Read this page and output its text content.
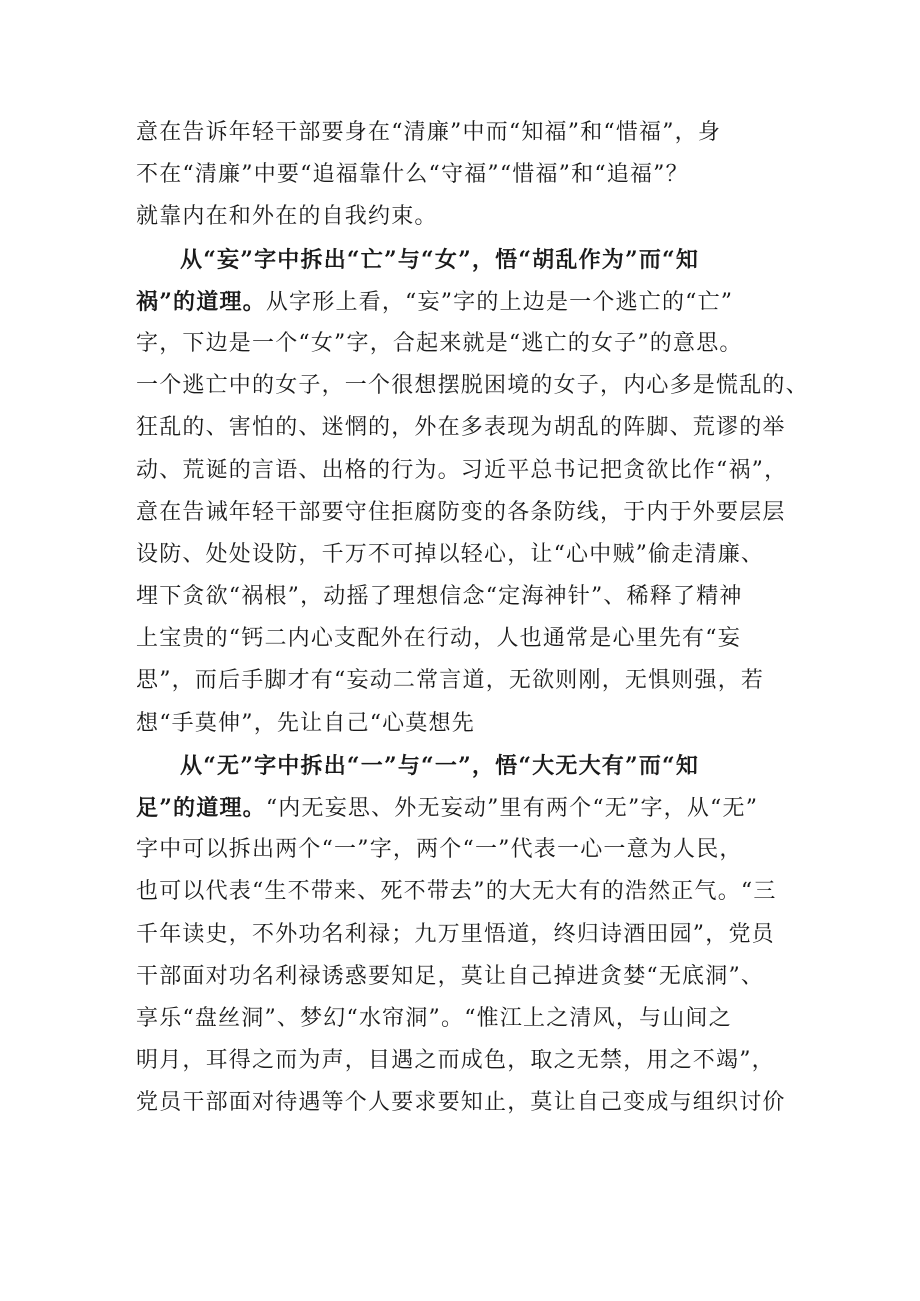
意在告诉年轻干部要身在“清廉”中而“知福”和“惜福”，身
不在“清廉”中要“追福靠什么“守福”“惜福”和“追福”？
就靠内在和外在的自我约束。
从“妄”字中拆出“亡”与“女”，悟“胡乱作为”而“知
祸”的道理。从字形上看，“妄”字的上边是一个逃亡的“亡”
字，下边是一个“女”字，合起来就是“逃亡的女子”的意思。
一个逃亡中的女子，一个很想摆脱困境的女子，内心多是慌乱的、
狂乱的、害怕的、迷惘的，外在多表现为胡乱的阵脚、荒谬的举
动、荒诞的言语、出格的行为。习近平总书记把贪欲比作“祸”，
意在告诫年轻干部要守住拒腐防变的各条防线，于内于外要层层
设防、处处设防，千万不可掉以轻心，让“心中贼”偷走清廉、
埋下贪欲“祸根”，动摇了理想信念“定海神针”、稀释了精神
上宝贵的“钙二内心支配外在行动，人也通常是心里先有“妄
思”，而后手脚才有“妄动二常言道，无欲则刚，无惧则强，若
想“手莫伸”，先让自己“心莫想先
从“无”字中拆出“一”与“一”，悟“大无大有”而“知
足”的道理。“内无妄思、外无妄动”里有两个“无”字，从“无”
字中可以拆出两个“一”字，两个“一”代表一心一意为人民，
也可以代表“生不带来、死不带去”的大无大有的浩然正气。“三
千年读史，不外功名利禄；九万里悟道，终归诗酒田园”，党员
干部面对功名利禄诱惑要知足，莫让自己掉进贪婪“无底洞”、
享乐“盘丝洞”、梦幻“水帘洞”。“惟江上之清风，与山间之
明月，耳得之而为声，目遇之而成色，取之无禁，用之不竭”，
党员干部面对待遇等个人要求要知止，莫让自己变成与组织讨价
